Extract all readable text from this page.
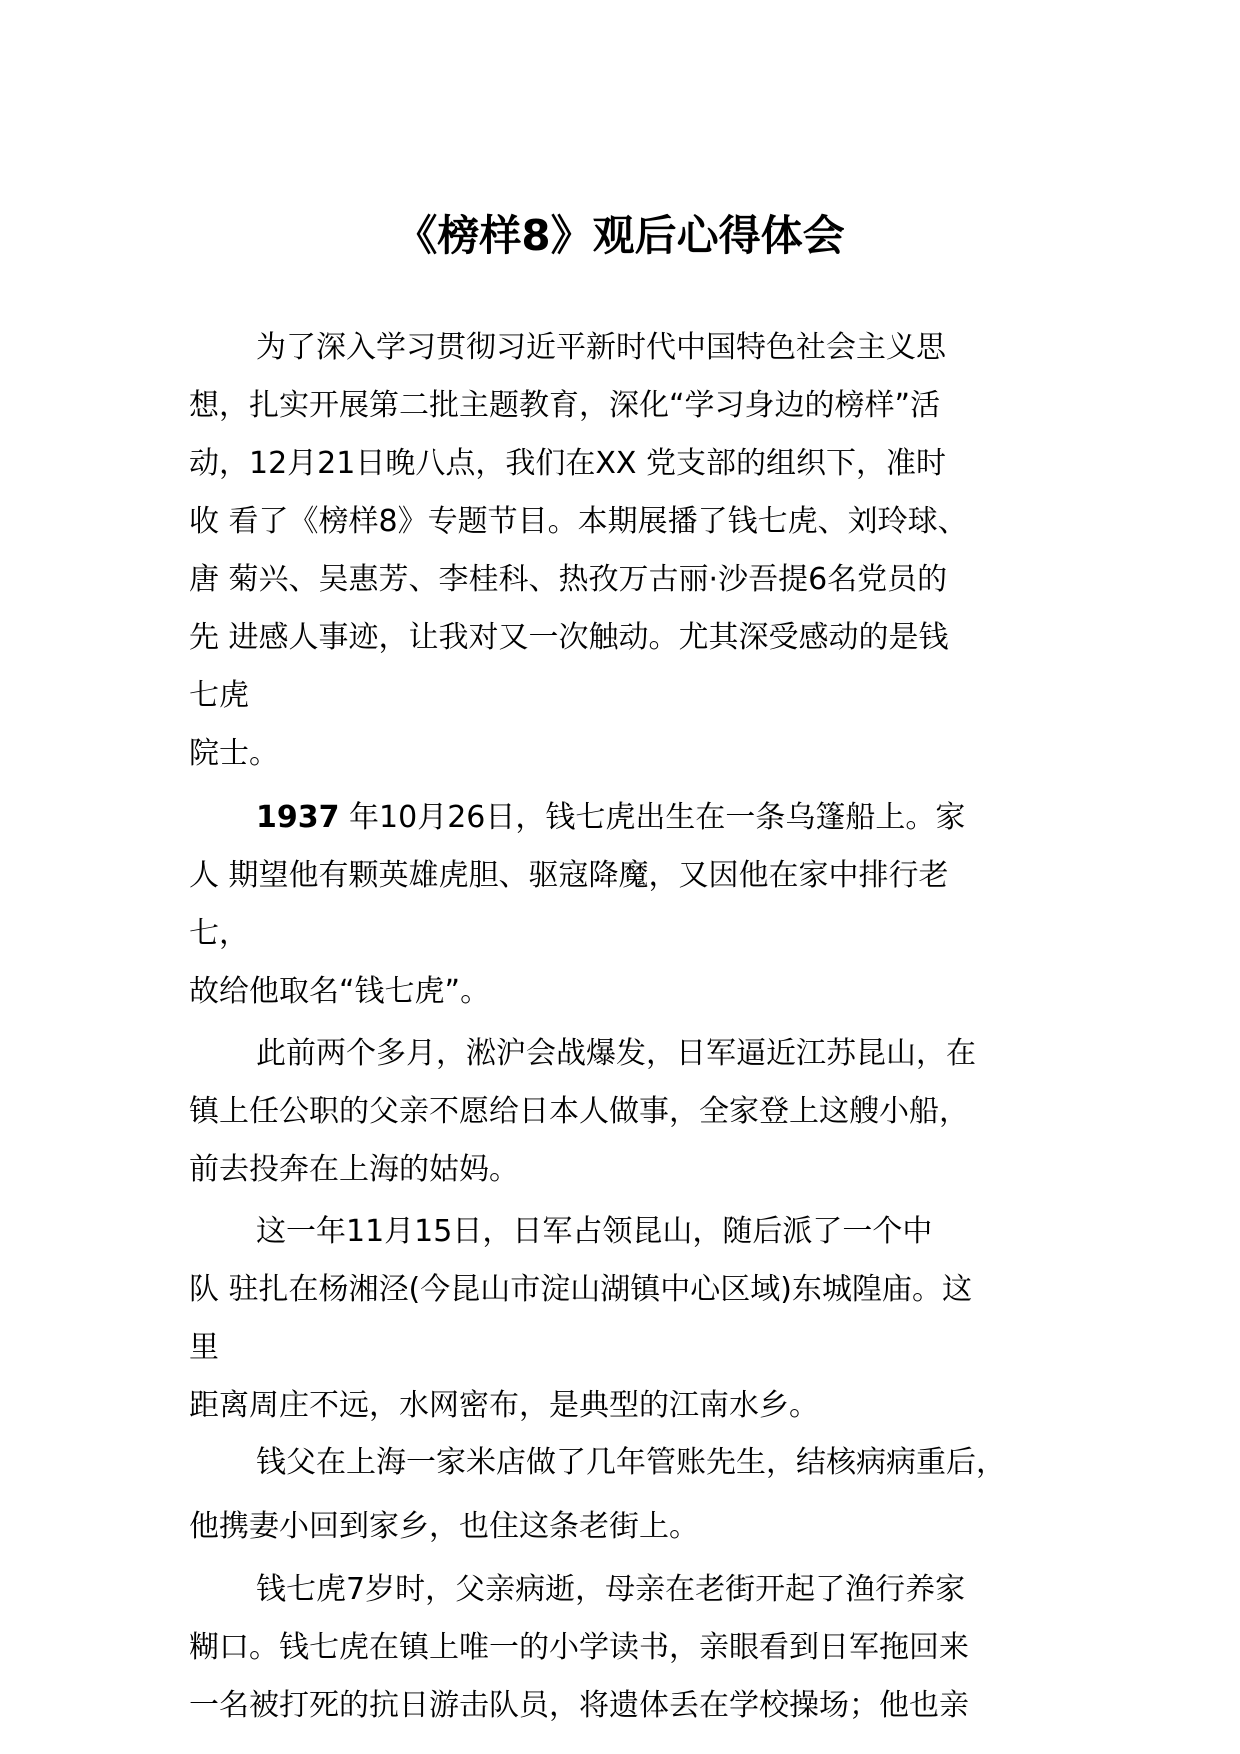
《榜样8》观后心得体会
为了深入学习贯彻习近平新时代中国特色社会主义思
想，扎实开展第二批主题教育，深化“学习身边的榜样”活
动，12月21日晚八点，我们在XX 党支部的组织下，准时
收 看了《榜样8》专题节目。本期展播了钱七虎、刘玲球、
唐 菊兴、吴惠芳、李桂科、热孜万古丽·沙吾提6名党员的
先 进感人事迹，让我对又一次触动。尤其深受感动的是钱
七虎
院士。
1937 年10月26日，钱七虎出生在一条乌篷船上。家
人 期望他有颗英雄虎胆、驱寇降魔，又因他在家中排行老
七，
故给他取名“钱七虎”。
此前两个多月，淞沪会战爆发，日军逼近江苏昆山，在
镇上任公职的父亲不愿给日本人做事，全家登上这艘小船，
前去投奔在上海的姑妈。
这一年11月15日，日军占领昆山，随后派了一个中
队 驻扎在杨湘泾(今昆山市淀山湖镇中心区域)东城隍庙。这
里
距离周庄不远，水网密布，是典型的江南水乡。
钱父在上海一家米店做了几年管账先生，结核病病重后，
他携妻小回到家乡，也住这条老街上。
钱七虎7岁时，父亲病逝，母亲在老街开起了渔行养家
糊口。钱七虎在镇上唯一的小学读书，亲眼看到日军拖回来
一名被打死的抗日游击队员，将遗体丢在学校操场；他也亲
